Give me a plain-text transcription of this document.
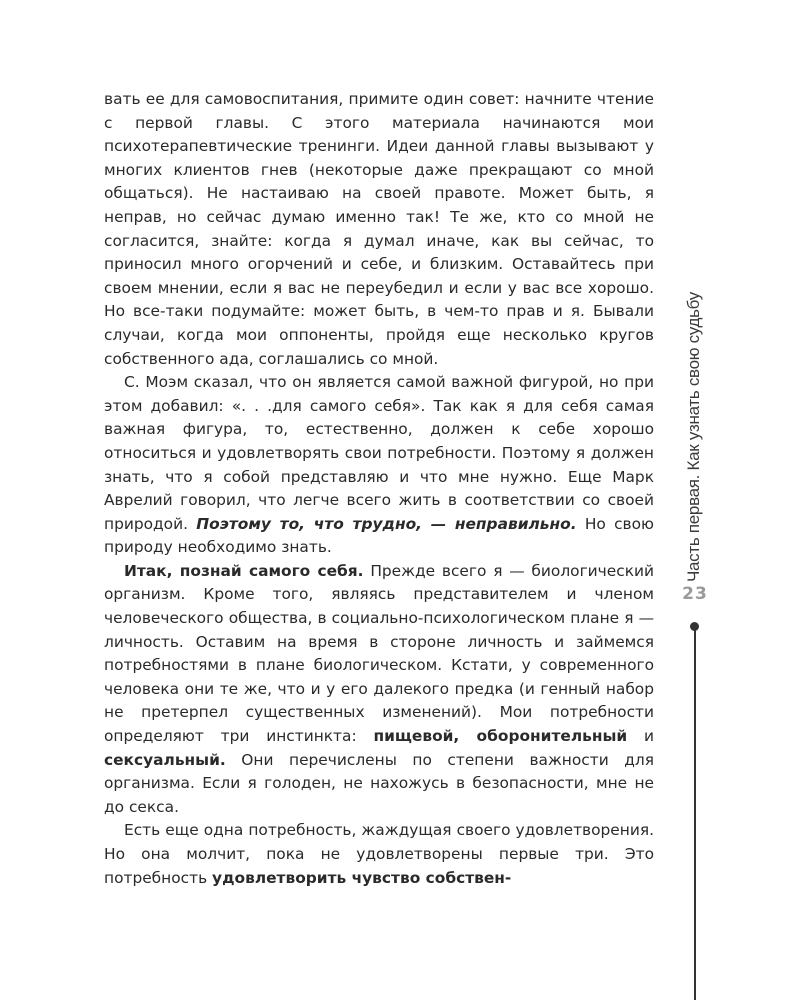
вать ее для самовоспитания, примите один совет: начните чтение с первой главы. С этого материала начинаются мои психотерапевтические тренинги. Идеи данной главы вызывают у многих клиентов гнев (некоторые даже прекращают со мной общаться). Не настаиваю на своей правоте. Может быть, я неправ, но сейчас думаю именно так! Те же, кто со мной не согласится, знайте: когда я думал иначе, как вы сейчас, то приносил много огорчений и себе, и близким. Оставайтесь при своем мнении, если я вас не переубедил и если у вас все хорошо. Но все-таки подумайте: может быть, в чем-то прав и я. Бывали случаи, когда мои оппоненты, пройдя еще несколько кругов собственного ада, соглашались со мной.

С. Моэм сказал, что он является самой важной фигурой, но при этом добавил: «. . .для самого себя». Так как я для себя самая важная фигура, то, естественно, должен к себе хорошо относиться и удовлетворять свои потребности. Поэтому я должен знать, что я собой представляю и что мне нужно. Еще Марк Аврелий говорил, что легче всего жить в соответствии со своей природой. Поэтому то, что трудно, — неправильно. Но свою природу необходимо знать.

Итак, познай самого себя. Прежде всего я — биологический организм. Кроме того, являясь представителем и членом человеческого общества, в социально-психологическом плане я — личность. Оставим на время в стороне личность и займемся потребностями в плане биологическом. Кстати, у современного человека они те же, что и у его далекого предка (и генный набор не претерпел существенных изменений). Мои потребности определяют три инстинкта: пищевой, оборонительный и сексуальный. Они перечислены по степени важности для организма. Если я голоден, не нахожусь в безопасности, мне не до секса.

Есть еще одна потребность, жаждущая своего удовлетворения. Но она молчит, пока не удовлетворены первые три. Это потребность удовлетворить чувство собствен-

Часть первая. Как узнать свою судьбу
23
